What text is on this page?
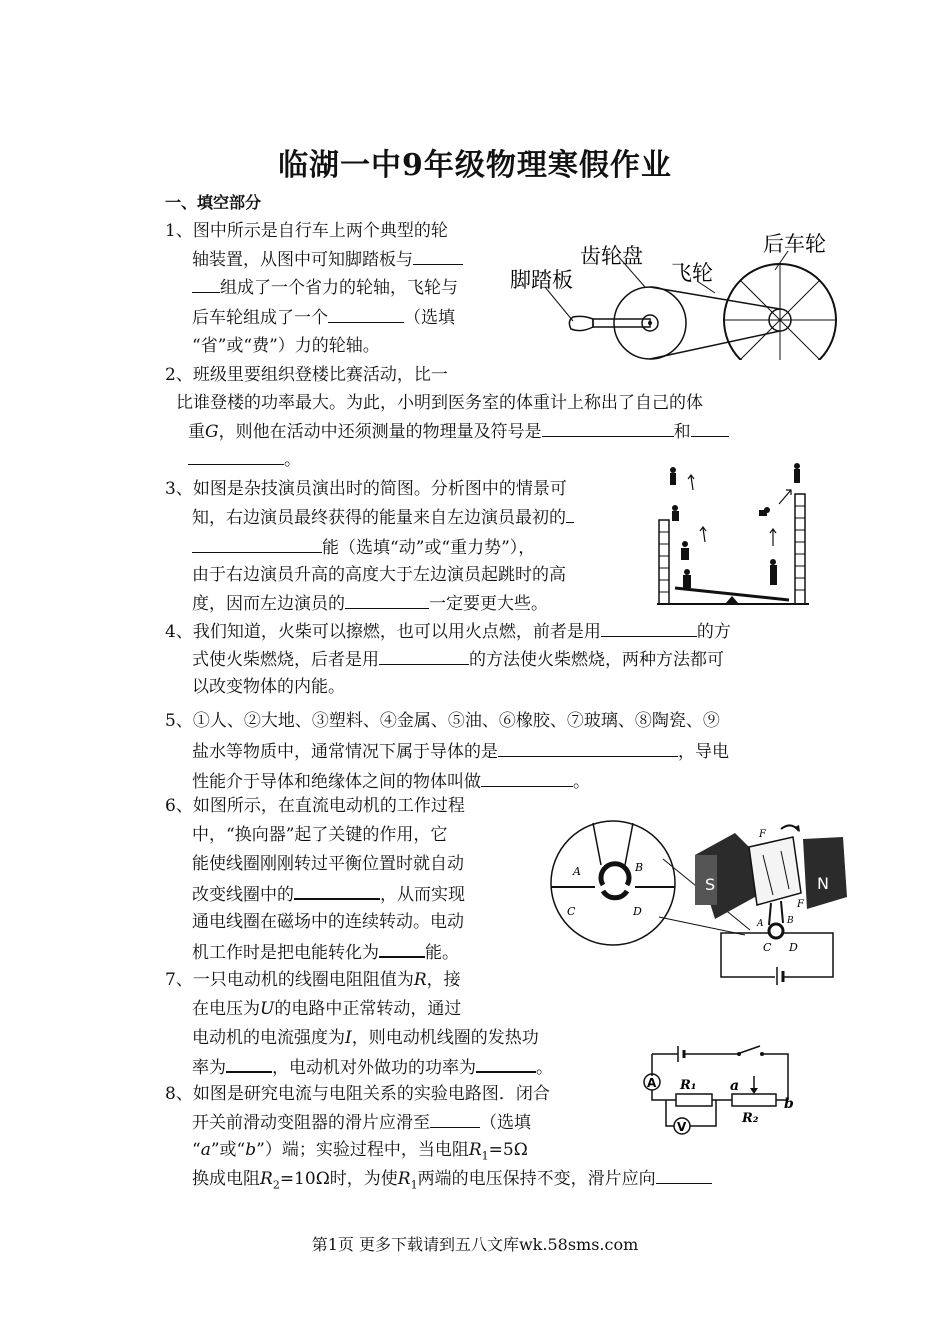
临湖一中9年级物理寒假作业
一、填空部分
1、图中所示是自行车上两个典型的轮
轴装置，从图中可知脚踏板与
组成了一个省力的轮轴，飞轮与
后车轮组成了一个	（选填
“省”或“费”）力的轮轴。
齿轮盘	后车轮
脚踏板	飞轮
2、班级里要组织登楼比赛活动，比一
比谁登楼的功率最大。为此，小明到医务室的体重计上称出了自己的体
重G，则他在活动中还须测量的物理量及符号是	和
。
3、如图是杂技演员演出时的简图。分析图中的情景可
知，右边演员最终获得的能量来自左边演员最初的
能（选填“动”或“重力势”），
由于右边演员升高的高度大于左边演员起跳时的高
度，因而左边演员的	一定要更大些。
4、我们知道，火柴可以擦燃，也可以用火点燃，前者是用	的方
式使火柴燃烧，后者是用	的方法使火柴燃烧，两种方法都可
以改变物体的内能。
5、①人、②大地、③塑料、④金属、⑤油、⑥橡胶、⑦玻璃、⑧陶瓷、⑨
盐水等物质中，通常情况下属于导体的是	，导电
性能介于导体和绝缘体之间的物体叫做	。
6、如图所示，在直流电动机的工作过程
中，“换向器”起了关键的作用，它
能使线圈刚刚转过平衡位置时就自动
改变线圈中的	，从而实现
通电线圈在磁场中的连续转动。电动
机工作时是把电能转化为	能。
A	B
C	D
S	N
F
F
A	B
C D
7、一只电动机的线圈电阻阻值为R，接
在电压为U的电路中正常转动，通过
电动机的电流强度为I，则电动机线圈的发热功
率为	，电动机对外做功的功率为	。
8、如图是研究电流与电阻关系的实验电路图．闭合
开关前滑动变阻器的滑片应滑至	（选填
“a”或“b”）端；实验过程中，当电阻$R_1=5\Omega$
换成电阻$R_2=10\Omega$时，为使$R_1$两端的电压保持不变，滑片应向
A R₁ a
b
R₂
V
第1页 更多下载请到五八文库wk.58sms.com
